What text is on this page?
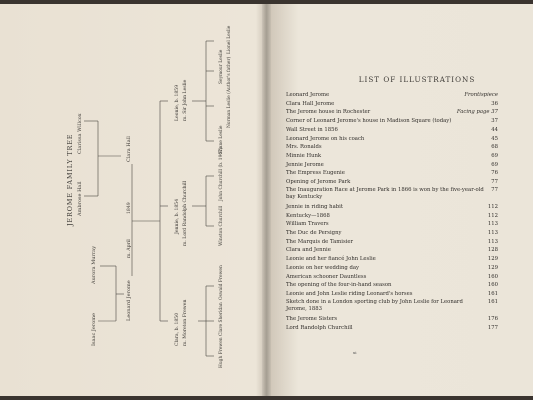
JEROME FAMILY TREE
Isaac Jerome
Aurora Murray
Leonard Jerome
m. April
1849
Clara Hall
Ambrose Hall
Clarissa Willcox
Clara, b. 1850 m. Moreton Frewen
Jennie, b. 1854 m. Lord Randolph Churchill
Leonie, b. 1859 m. Sir John Leslie
Hugh Frewen
Clare Sheridan
Oswald Frewen
Winston Churchill
John Churchill (b. 1907)
Shane Leslie
Norman Leslie (Author's father)
Seymour Leslie
Lionel Leslie
LIST OF ILLUSTRATIONS
Leonard Jerome	Frontispiece
Clara Hall Jerome	36
The Jerome house in Rochester	Facing page 37
Corner of Leonard Jerome's house in Madison Square (today)	37
Wall Street in 1856	44
Leonard Jerome on his coach	45
Mrs. Ronalds	68
Minnie Hunk	69
Jennie Jerome	69
The Empress Eugenie	76
Opening of Jerome Park	77
The Inauguration Race at Jerome Park in 1866 is won by the five-year-old bay Kentucky
77
Jennie in riding habit	112
Kentucky—1868	112
William Travers	113
The Duc de Persigny	113
The Marquis de Tamisier	113
Clara and Jennie	128
Leonie and her fiancé John Leslie	129
Leonie on her wedding day	129
American schooner Dauntless	160
The opening of the four-in-hand season	160
Leonie and John Leslie riding Leonard's horses	161
Sketch done in a London sporting club by John Leslie for Leonard Jerome, 1883
161
The Jerome Sisters	176
Lord Randolph Churchill	177
xi
